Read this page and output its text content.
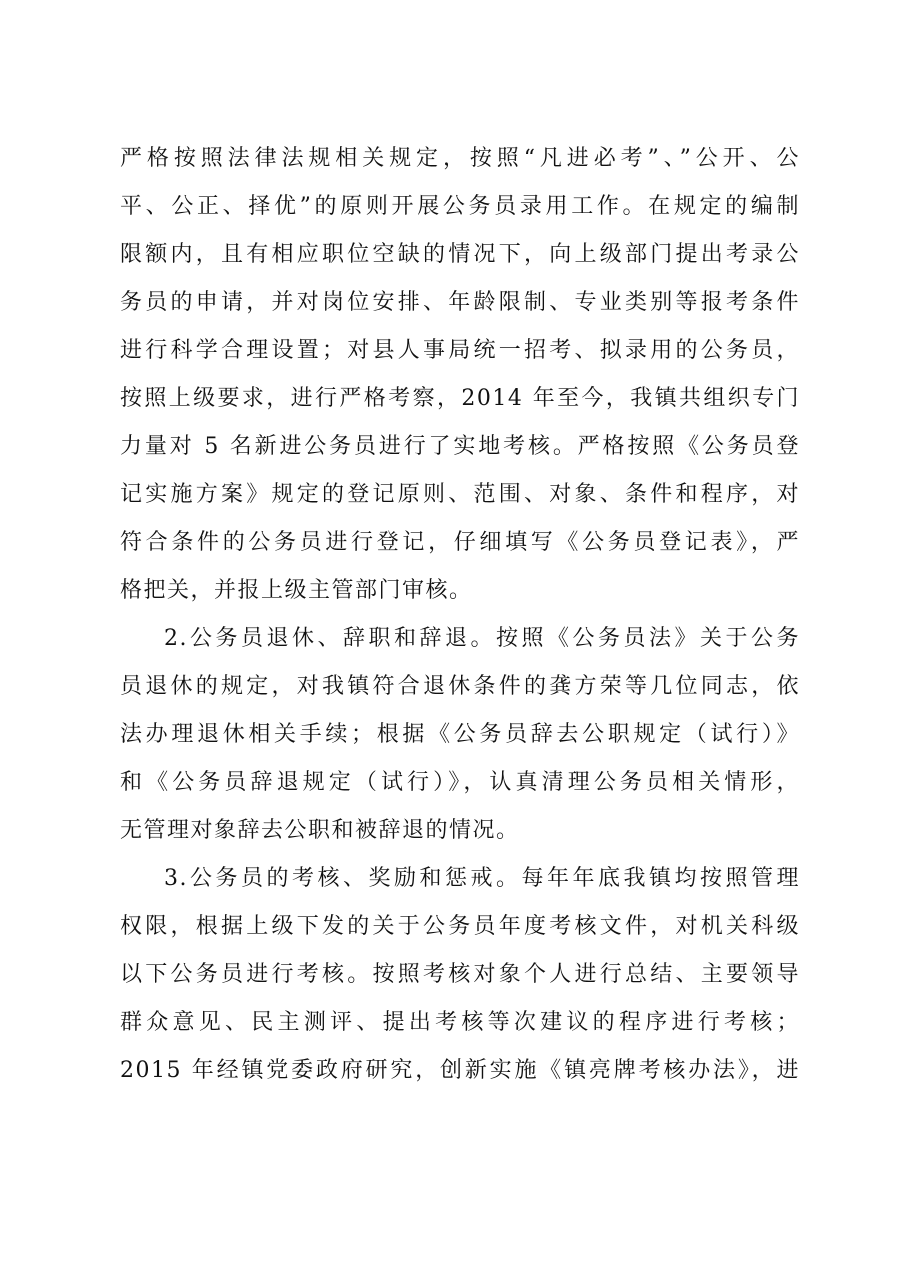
严格按照法律法规相关规定，按照“凡进必考”、”公开、公
平、公正、择优”的原则开展公务员录用工作。在规定的编制
限额内，且有相应职位空缺的情况下，向上级部门提出考录公
务员的申请，并对岗位安排、年龄限制、专业类别等报考条件
进行科学合理设置；对县人事局统一招考、拟录用的公务员，
按照上级要求，进行严格考察，2014 年至今，我镇共组织专门
力量对 5 名新进公务员进行了实地考核。严格按照《公务员登
记实施方案》规定的登记原则、范围、对象、条件和程序，对
符合条件的公务员进行登记，仔细填写《公务员登记表》，严
格把关，并报上级主管部门审核。
2.公务员退休、辞职和辞退。按照《公务员法》关于公务
员退休的规定，对我镇符合退休条件的龚方荣等几位同志，依
法办理退休相关手续；根据《公务员辞去公职规定（试行）》
和《公务员辞退规定（试行）》，认真清理公务员相关情形，
无管理对象辞去公职和被辞退的情况。
3.公务员的考核、奖励和惩戒。每年年底我镇均按照管理
权限，根据上级下发的关于公务员年度考核文件，对机关科级
以下公务员进行考核。按照考核对象个人进行总结、主要领导
群众意见、民主测评、提出考核等次建议的程序进行考核；
2015 年经镇党委政府研究，创新实施《镇亮牌考核办法》，进
